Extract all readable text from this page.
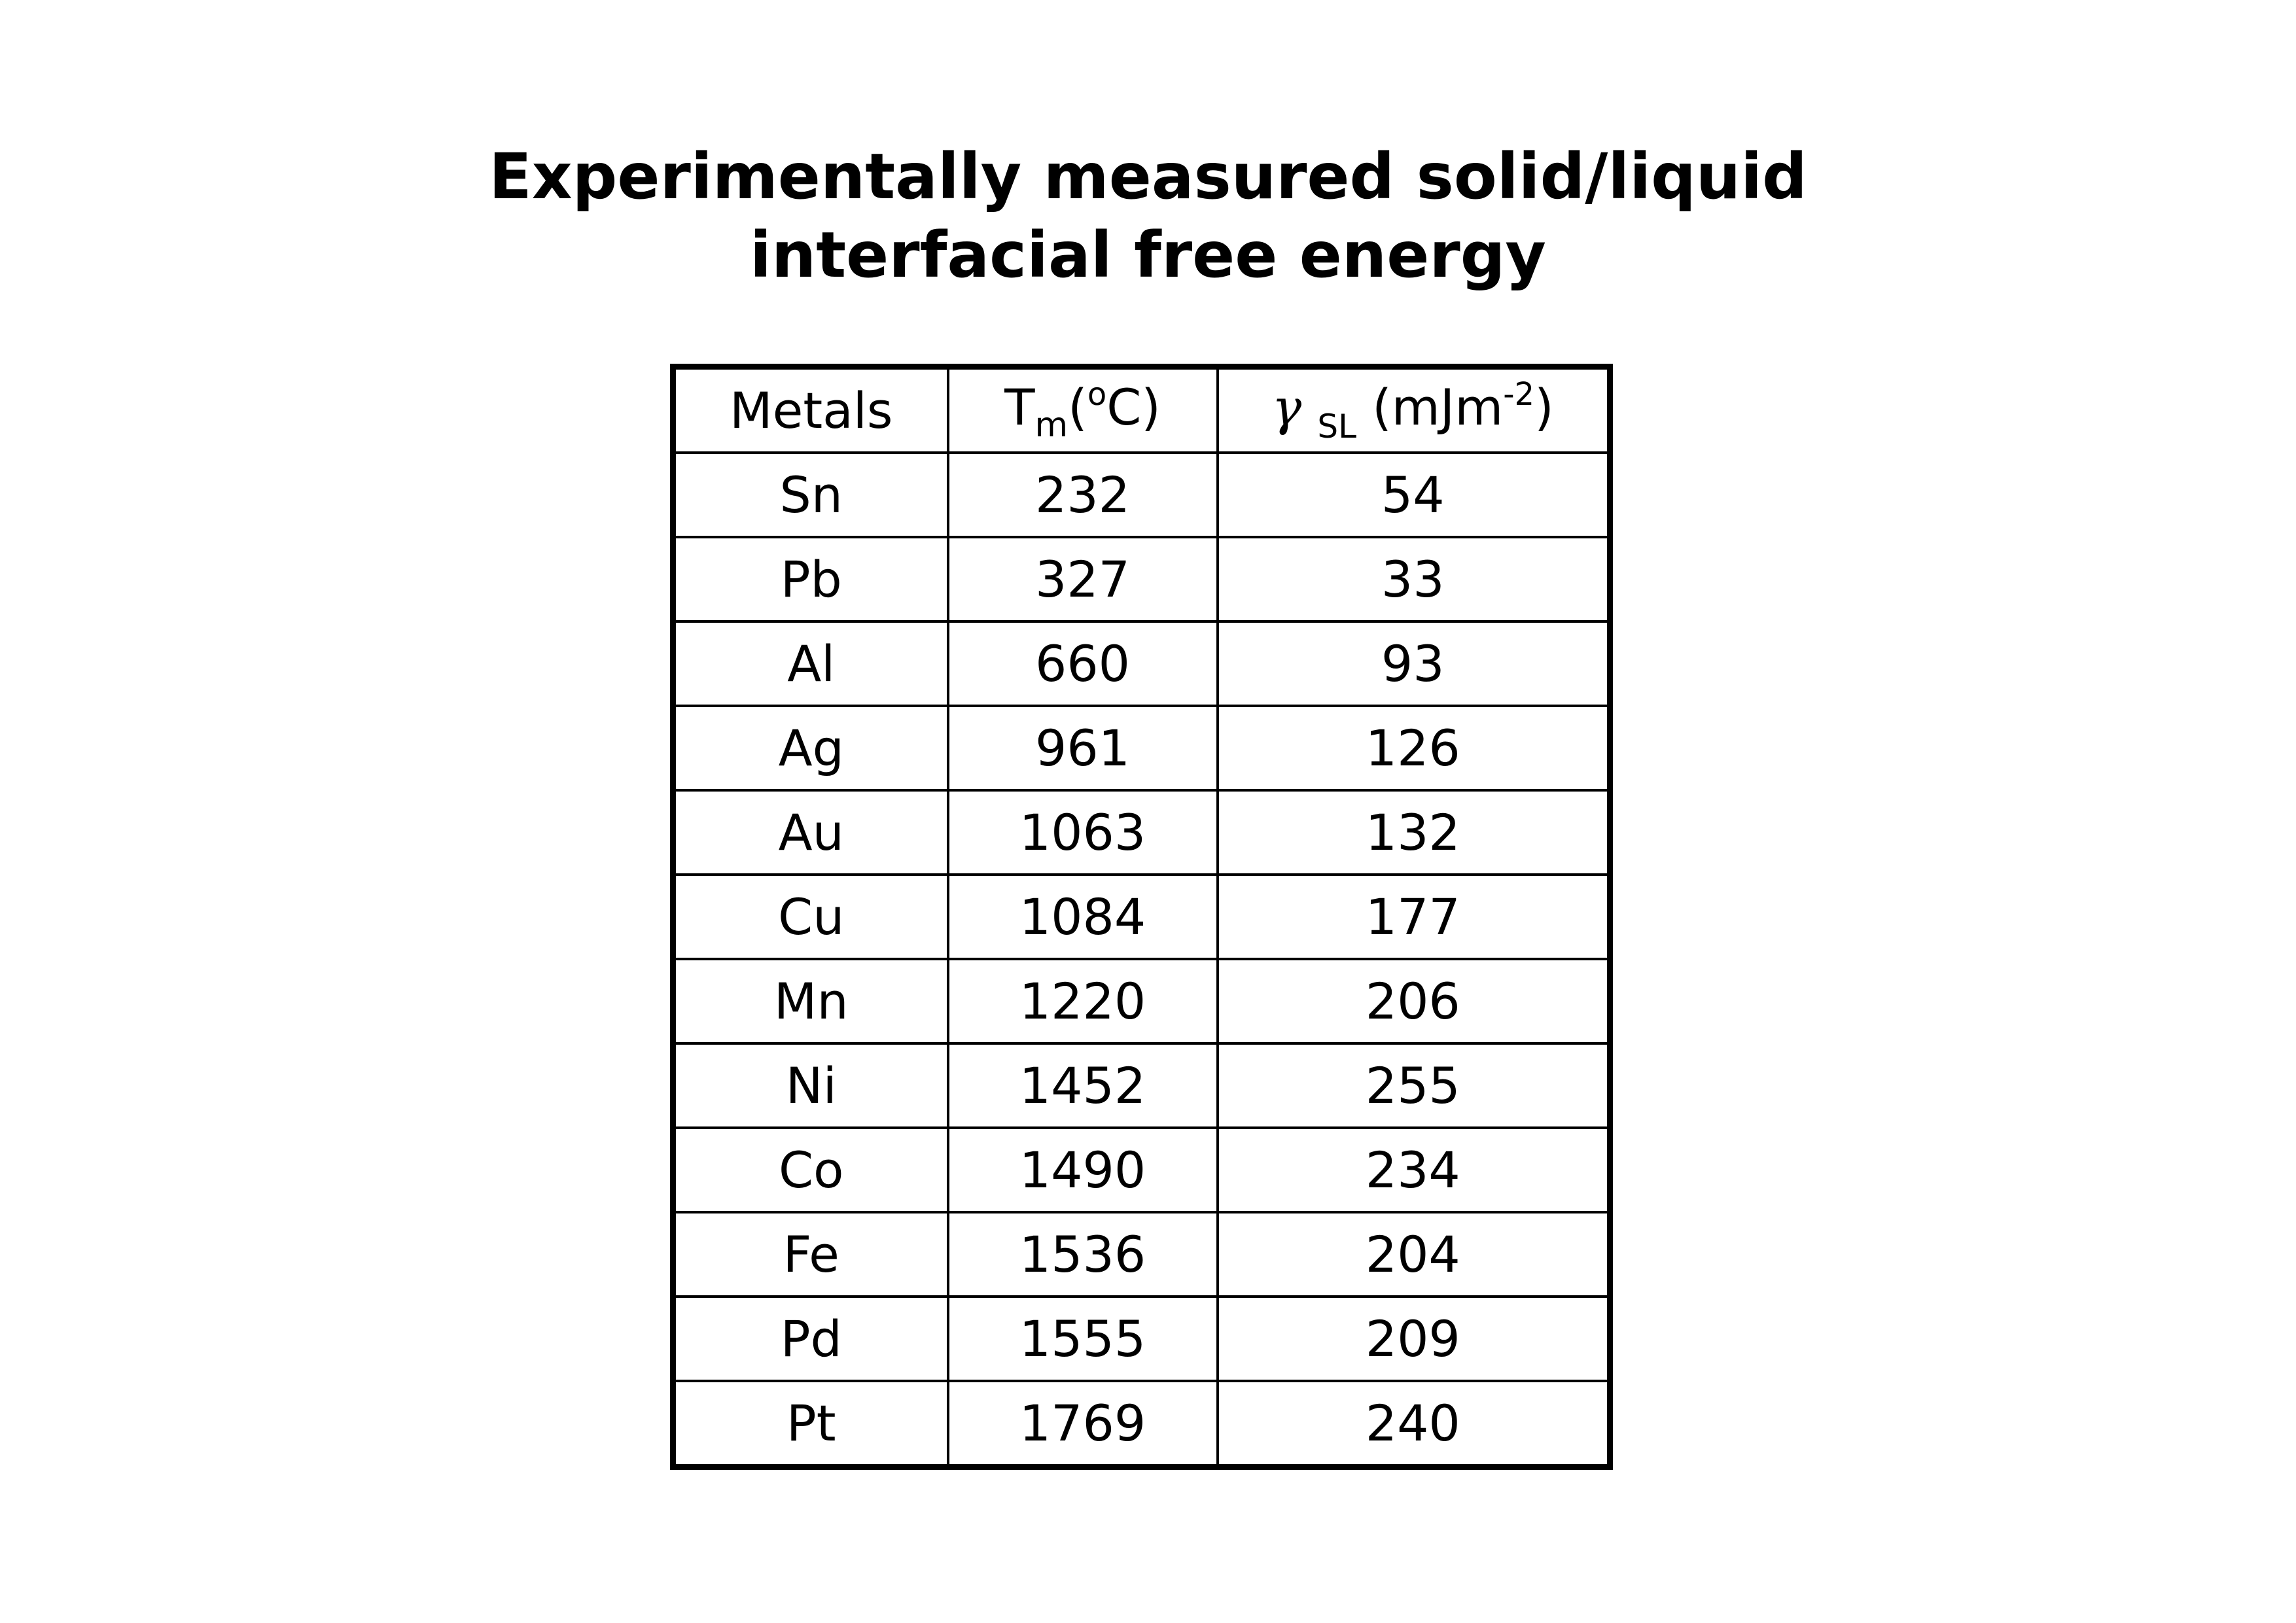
Experimentally measured solid/liquid
interfacial free energy
Metals	$T_m(^oC)$	γ $_{SL}$ (mJm$^{-2}$)
Sn	232	54
Pb	327	33
Al	660	93
Ag	961	126
Au	1063	132
Cu	1084	177
Mn	1220	206
Ni	1452	255
Co	1490	234
Fe	1536	204
Pd	1555	209
Pt	1769	240
